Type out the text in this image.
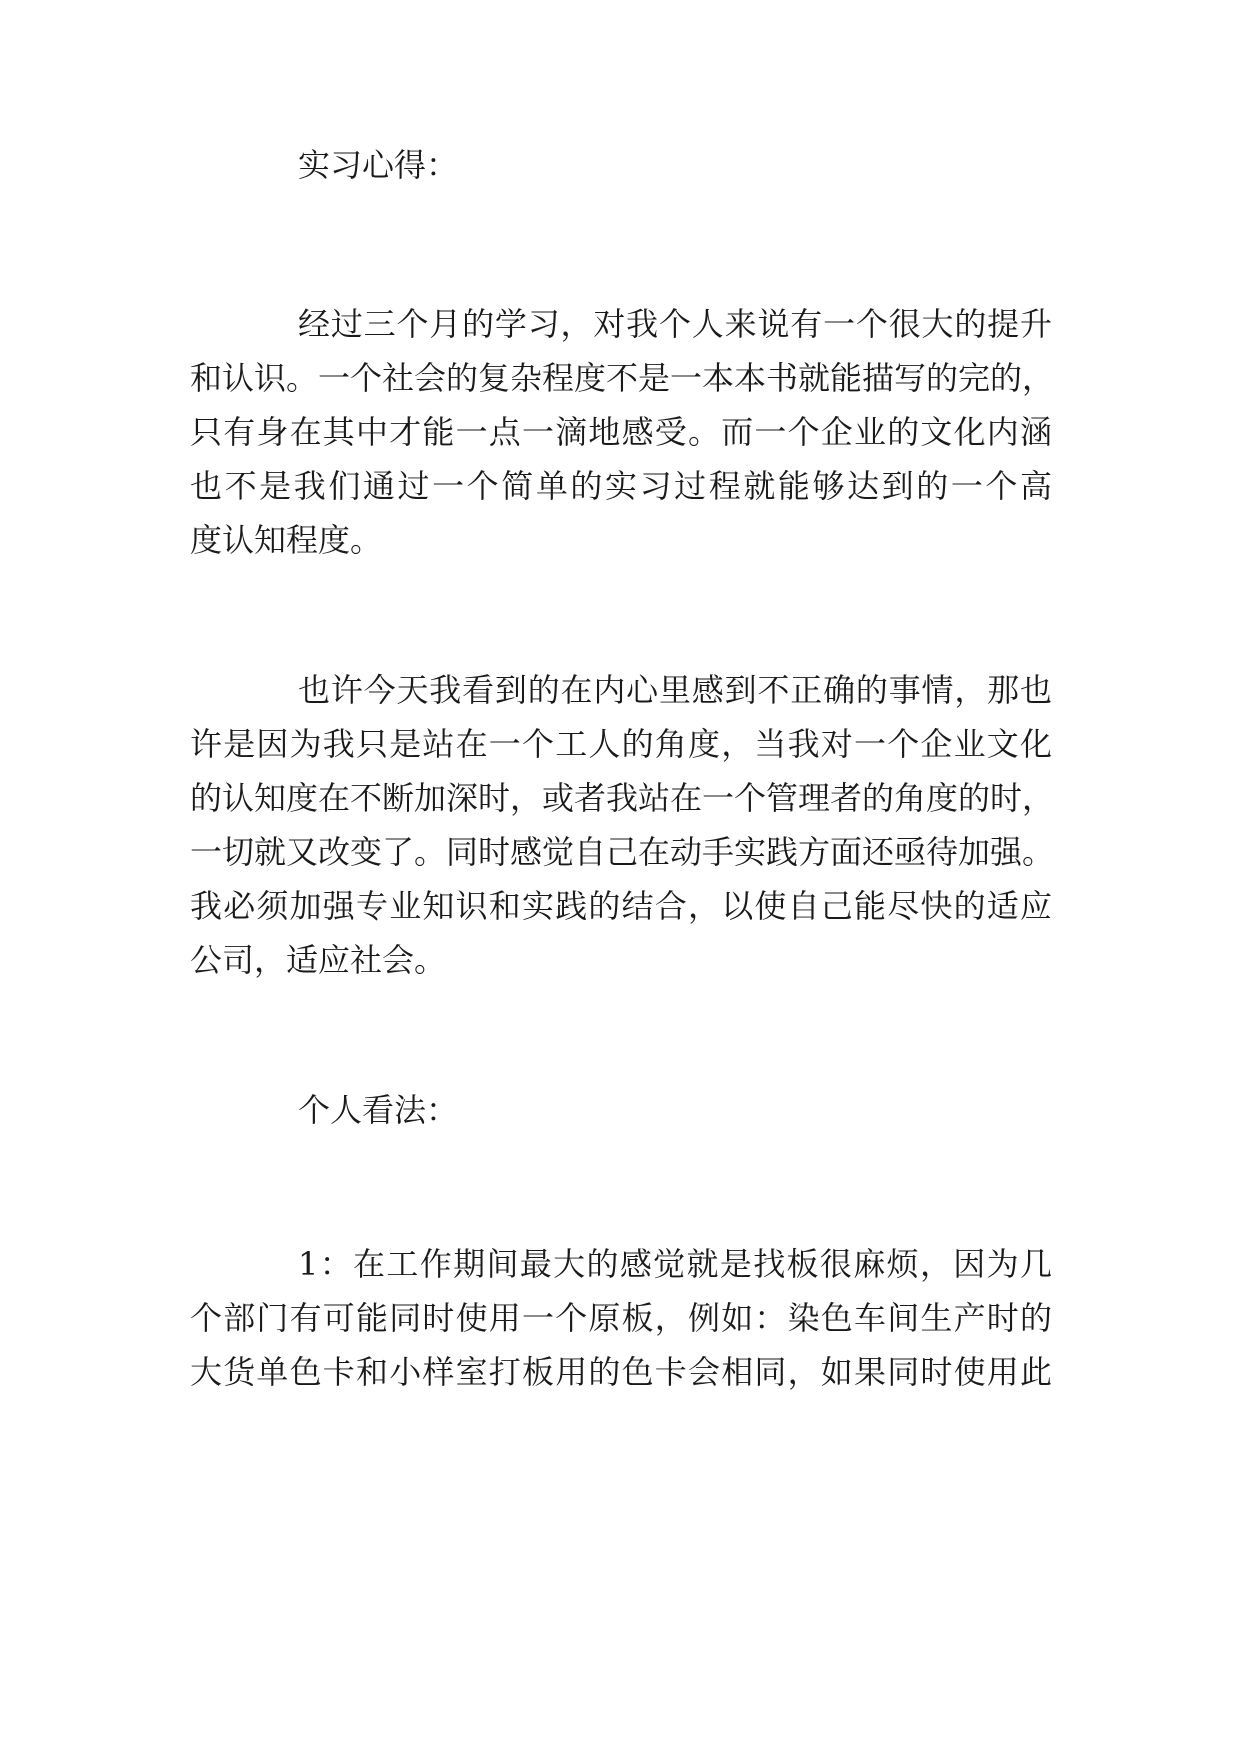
实习心得：
经过三个月的学习，对我个人来说有一个很大的提升
和认识。一个社会的复杂程度不是一本本书就能描写的完的，
只有身在其中才能一点一滴地感受。而一个企业的文化内涵
也不是我们通过一个简单的实习过程就能够达到的一个高
度认知程度。
也许今天我看到的在内心里感到不正确的事情，那也
许是因为我只是站在一个工人的角度，当我对一个企业文化
的认知度在不断加深时，或者我站在一个管理者的角度的时，
一切就又改变了。同时感觉自己在动手实践方面还亟待加强。
我必须加强专业知识和实践的结合，以使自己能尽快的适应
公司，适应社会。
个人看法：
1：在工作期间最大的感觉就是找板很麻烦，因为几
个部门有可能同时使用一个原板，例如：染色车间生产时的
大货单色卡和小样室打板用的色卡会相同，如果同时使用此
